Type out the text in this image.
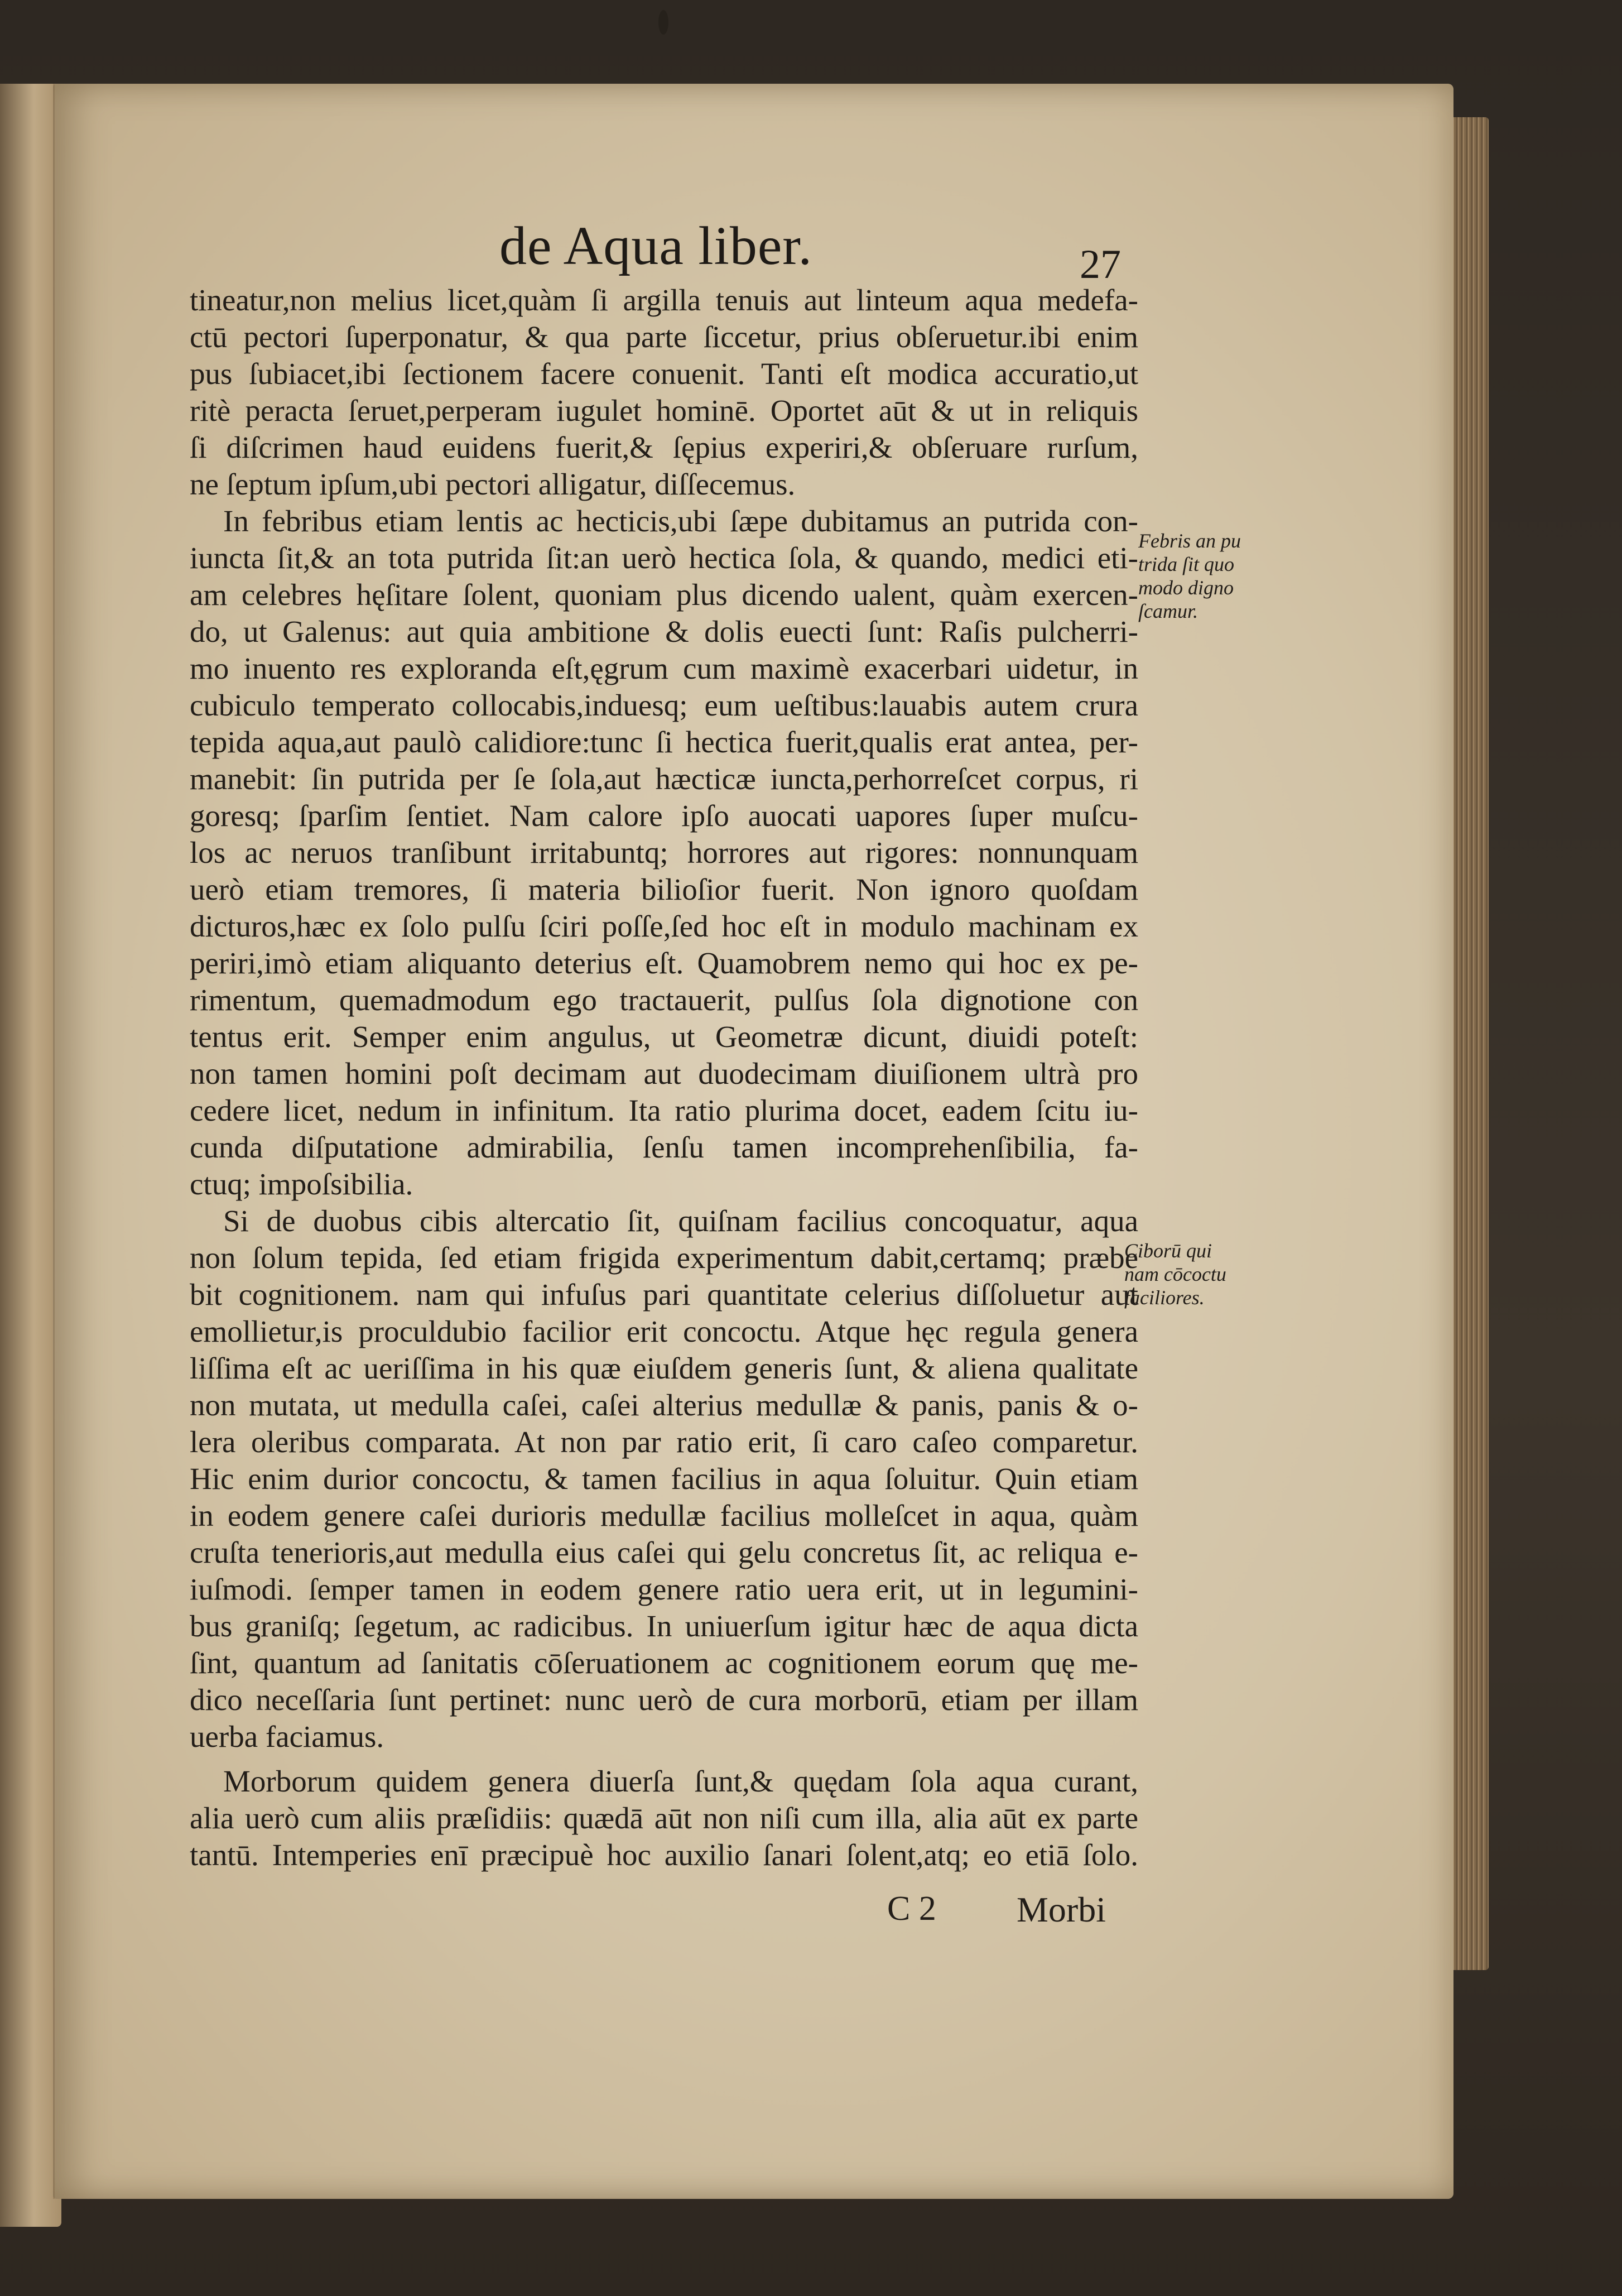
de Aqua liber.	27
tineatur,non melius licet,quàm ſi argilla tenuis aut linteum aqua medefa-
ctū pectori ſuperponatur, & qua parte ſiccetur, prius obſeruetur.ibi enim
pus ſubiacet,ibi ſectionem facere conuenit. Tanti eſt modica accuratio,ut
ritè peracta ſeruet,perperam iugulet hominē. Oportet aūt & ut in reliquis
ſi diſcrimen haud euidens fuerit,& ſępius experiri,& obſeruare rurſum,
ne ſeptum ipſum,ubi pectori alligatur, diſſecemus.
In febribus etiam lentis ac hecticis,ubi ſæpe dubitamus an putrida con-
iuncta ſit,& an tota putrida ſit:an uerò hectica ſola, & quando, medici eti-
am celebres hęſitare ſolent, quoniam plus dicendo ualent, quàm exercen-
do, ut Galenus: aut quia ambitione & dolis euecti ſunt: Raſis pulcherri-
mo inuento res exploranda eſt,ęgrum cum maximè exacerbari uidetur, in
cubiculo temperato collocabis,induesq; eum ueſtibus:lauabis autem crura
tepida aqua,aut paulò calidiore:tunc ſi hectica fuerit,qualis erat antea, per-
manebit: ſin putrida per ſe ſola,aut hæcticæ iuncta,perhorreſcet corpus, ri
goresq; ſparſim ſentiet. Nam calore ipſo auocati uapores ſuper muſcu-
los ac neruos tranſibunt irritabuntq; horrores aut rigores: nonnunquam
uerò etiam tremores, ſi materia bilioſior fuerit. Non ignoro quoſdam
dicturos,hæc ex ſolo pulſu ſciri poſſe,ſed hoc eſt in modulo machinam ex
periri,imò etiam aliquanto deterius eſt. Quamobrem nemo qui hoc ex pe-
rimentum, quemadmodum ego tractauerit, pulſus ſola dignotione con
tentus erit. Semper enim angulus, ut Geometræ dicunt, diuidi poteſt:
non tamen homini poſt decimam aut duodecimam diuiſionem ultrà pro
cedere licet, nedum in infinitum. Ita ratio plurima docet, eadem ſcitu iu-
cunda diſputatione admirabilia, ſenſu tamen incomprehenſibilia, fa-
ctuq; impoſsibilia.
Si de duobus cibis altercatio ſit, quiſnam facilius concoquatur, aqua
non ſolum tepida, ſed etiam frigida experimentum dabit,certamq; præbe
bit cognitionem. nam qui infuſus pari quantitate celerius diſſoluetur aut
emollietur,is proculdubio facilior erit concoctu. Atque hęc regula genera
liſſima eſt ac ueriſſima in his quæ eiuſdem generis ſunt, & aliena qualitate
non mutata, ut medulla caſei, caſei alterius medullæ & panis, panis & o-
lera oleribus comparata. At non par ratio erit, ſi caro caſeo comparetur.
Hic enim durior concoctu, & tamen facilius in aqua ſoluitur. Quin etiam
in eodem genere caſei durioris medullæ facilius molleſcet in aqua, quàm
cruſta tenerioris,aut medulla eius caſei qui gelu concretus ſit, ac reliqua e-
iuſmodi. ſemper tamen in eodem genere ratio uera erit, ut in legumini-
bus graniſq; ſegetum, ac radicibus. In uniuerſum igitur hæc de aqua dicta
ſint, quantum ad ſanitatis cōſeruationem ac cognitionem eorum quę me-
dico neceſſaria ſunt pertinet: nunc uerò de cura morborū, etiam per illam
uerba faciamus.
Morborum quidem genera diuerſa ſunt,& quędam ſola aqua curant,
alia uerò cum aliis præſidiis: quædā aūt non niſi cum illa, alia aūt ex parte
tantū. Intemperies enī præcipuè hoc auxilio ſanari ſolent,atq; eo etiā ſolo.
Febris an pu
trida ſit quo
modo digno
ſcamur.
Ciborū qui
nam cōcoctu
faciliores.
C 2 Morbi
